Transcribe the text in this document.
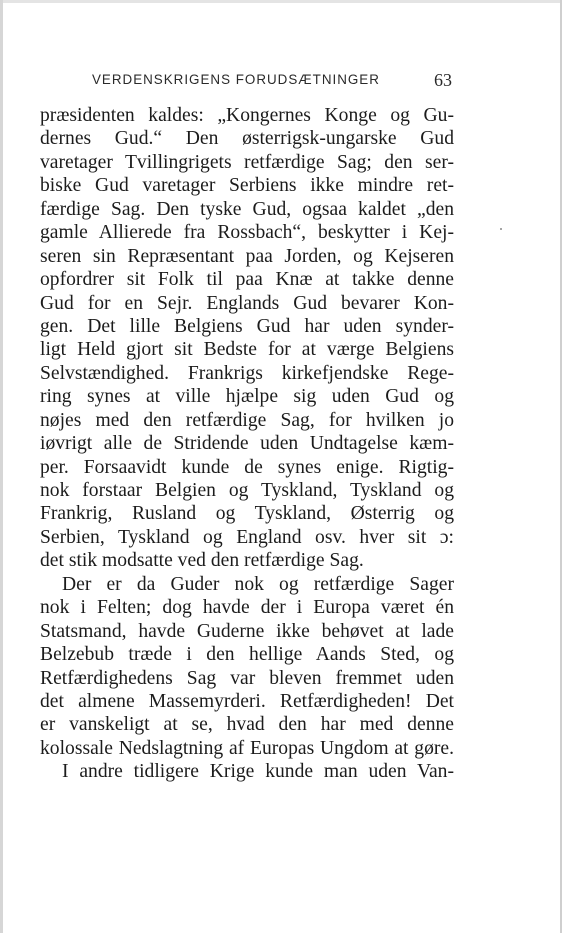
VERDENSKRIGENS FORUDSÆTNINGER	63
præsidenten kaldes: „Kongernes Konge og Gu-
dernes Gud.“ Den østerrigsk-ungarske Gud
varetager Tvillingrigets retfærdige Sag; den ser-
biske Gud varetager Serbiens ikke mindre ret-
færdige Sag. Den tyske Gud, ogsaa kaldet „den
gamle Allierede fra Rossbach“, beskytter i Kej-
seren sin Repræsentant paa Jorden, og Kejseren
opfordrer sit Folk til paa Knæ at takke denne
Gud for en Sejr. Englands Gud bevarer Kon-
gen. Det lille Belgiens Gud har uden synder-
ligt Held gjort sit Bedste for at værge Belgiens
Selvstændighed. Frankrigs kirkefjendske Rege-
ring synes at ville hjælpe sig uden Gud og
nøjes med den retfærdige Sag, for hvilken jo
iøvrigt alle de Stridende uden Undtagelse kæm-
per. Forsaavidt kunde de synes enige. Rigtig-
nok forstaar Belgien og Tyskland, Tyskland og
Frankrig, Rusland og Tyskland, Østerrig og
Serbien, Tyskland og England osv. hver sit ɔ:
det stik modsatte ved den retfærdige Sag.
Der er da Guder nok og retfærdige Sager
nok i Felten; dog havde der i Europa været én
Statsmand, havde Guderne ikke behøvet at lade
Belzebub træde i den hellige Aands Sted, og
Retfærdighedens Sag var bleven fremmet uden
det almene Massemyrderi. Retfærdigheden! Det
er vanskeligt at se, hvad den har med denne
kolossale Nedslagtning af Europas Ungdom at gøre.
I andre tidligere Krige kunde man uden Van-
